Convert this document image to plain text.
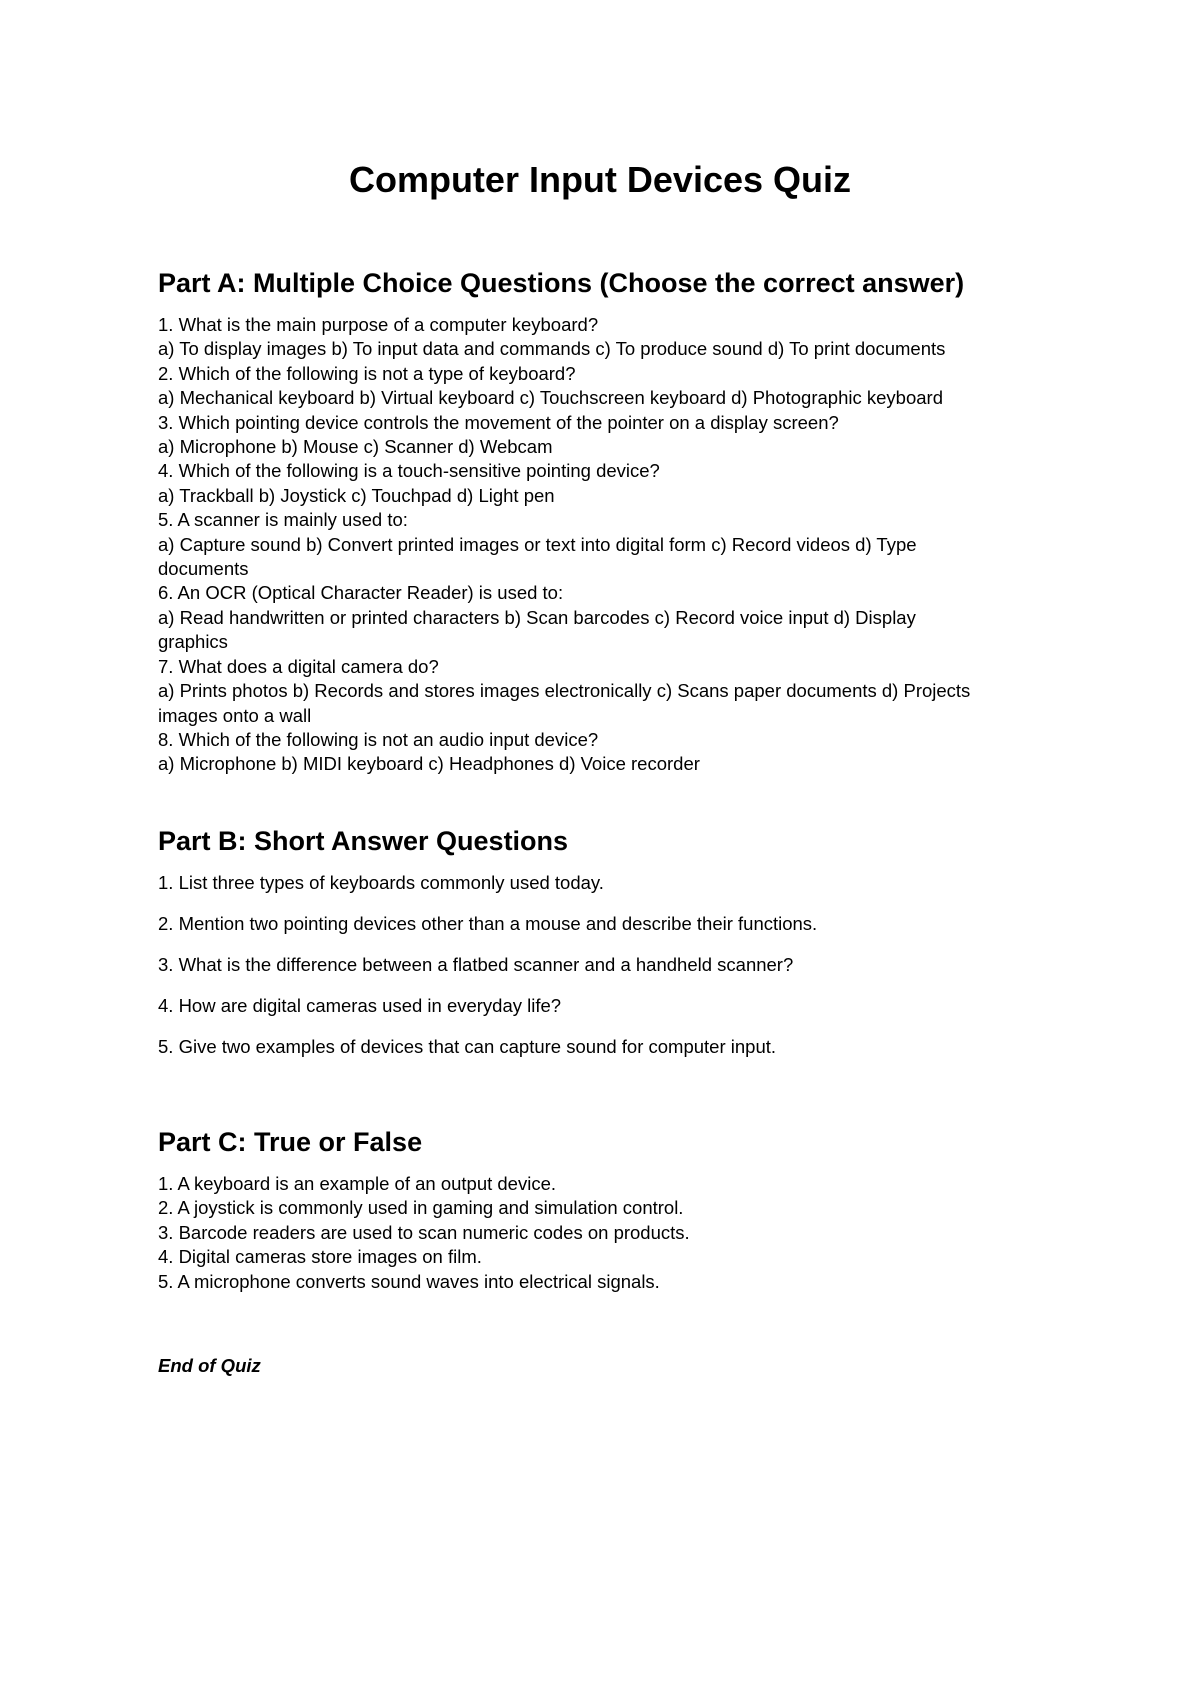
Computer Input Devices Quiz
Part A: Multiple Choice Questions (Choose the correct answer)
1. What is the main purpose of a computer keyboard?
a) To display images b) To input data and commands c) To produce sound d) To print documents
2. Which of the following is not a type of keyboard?
a) Mechanical keyboard b) Virtual keyboard c) Touchscreen keyboard d) Photographic keyboard
3. Which pointing device controls the movement of the pointer on a display screen?
a) Microphone b) Mouse c) Scanner d) Webcam
4. Which of the following is a touch-sensitive pointing device?
a) Trackball b) Joystick c) Touchpad d) Light pen
5. A scanner is mainly used to:
a) Capture sound b) Convert printed images or text into digital form c) Record videos d) Type
documents
6. An OCR (Optical Character Reader) is used to:
a) Read handwritten or printed characters b) Scan barcodes c) Record voice input d) Display
graphics
7. What does a digital camera do?
a) Prints photos b) Records and stores images electronically c) Scans paper documents d) Projects
images onto a wall
8. Which of the following is not an audio input device?
a) Microphone b) MIDI keyboard c) Headphones d) Voice recorder
Part B: Short Answer Questions
1. List three types of keyboards commonly used today.
2. Mention two pointing devices other than a mouse and describe their functions.
3. What is the difference between a flatbed scanner and a handheld scanner?
4. How are digital cameras used in everyday life?
5. Give two examples of devices that can capture sound for computer input.
Part C: True or False
1. A keyboard is an example of an output device.
2. A joystick is commonly used in gaming and simulation control.
3. Barcode readers are used to scan numeric codes on products.
4. Digital cameras store images on film.
5. A microphone converts sound waves into electrical signals.

End of Quiz
